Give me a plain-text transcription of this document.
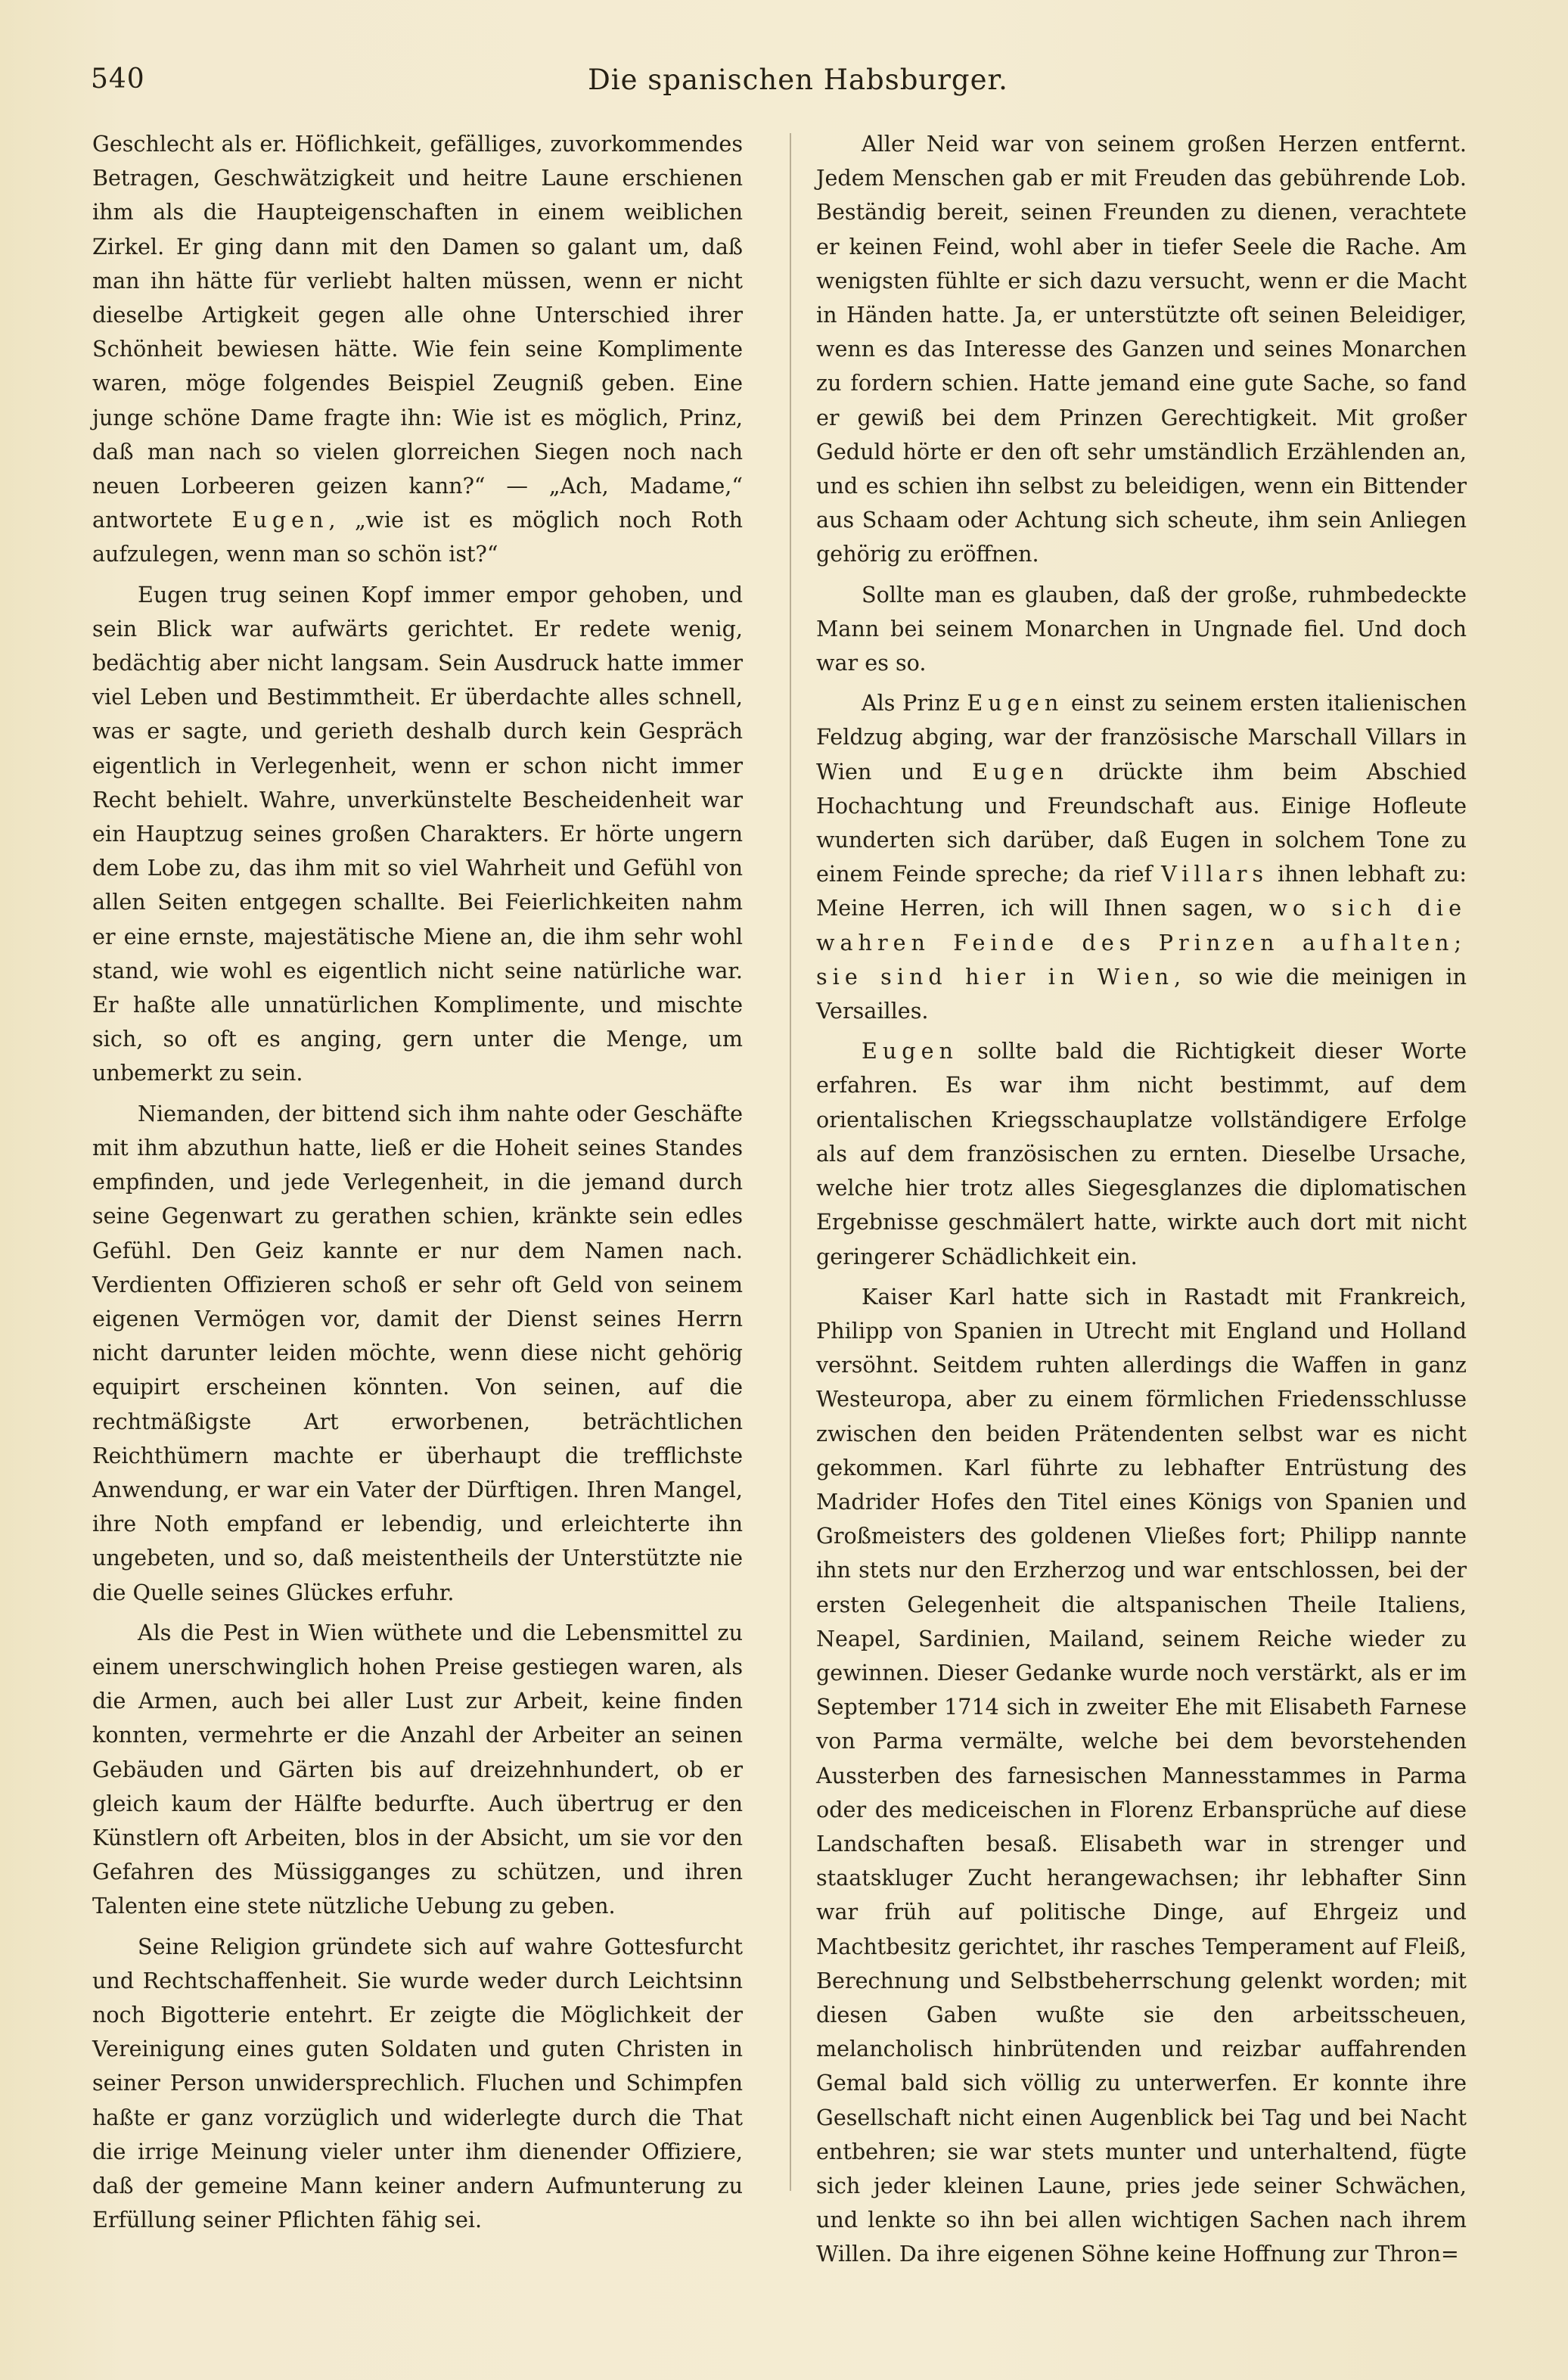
540	Die spanischen Habsburger.

Geschlecht als er. Höflichkeit, gefälliges, zuvorkommendes Betragen, Geschwätzigkeit und heitre Laune erschienen ihm als die Haupteigenschaften in einem weiblichen Zirkel. Er ging dann mit den Damen so galant um, daß man ihn hätte für verliebt halten müssen, wenn er nicht dieselbe Artigkeit gegen alle ohne Unterschied ihrer Schönheit bewiesen hätte. Wie fein seine Komplimente waren, möge folgendes Beispiel Zeugniß geben. Eine junge schöne Dame fragte ihn: Wie ist es möglich, Prinz, daß man nach so vielen glorreichen Siegen noch nach neuen Lorbeeren geizen kann?“ — „Ach, Madame,“ antwortete Eugen, „wie ist es möglich noch Roth aufzulegen, wenn man so schön ist?“

Eugen trug seinen Kopf immer empor gehoben, und sein Blick war aufwärts gerichtet. Er redete wenig, bedächtig aber nicht langsam. Sein Ausdruck hatte immer viel Leben und Bestimmtheit. Er überdachte alles schnell, was er sagte, und gerieth deshalb durch kein Gespräch eigentlich in Verlegenheit, wenn er schon nicht immer Recht behielt. Wahre, unverkünstelte Bescheidenheit war ein Hauptzug seines großen Charakters. Er hörte ungern dem Lobe zu, das ihm mit so viel Wahrheit und Gefühl von allen Seiten entgegen schallte. Bei Feierlichkeiten nahm er eine ernste, majestätische Miene an, die ihm sehr wohl stand, wie wohl es eigentlich nicht seine natürliche war. Er haßte alle unnatürlichen Komplimente, und mischte sich, so oft es anging, gern unter die Menge, um unbemerkt zu sein.

Niemanden, der bittend sich ihm nahte oder Geschäfte mit ihm abzuthun hatte, ließ er die Hoheit seines Standes empfinden, und jede Verlegenheit, in die jemand durch seine Gegenwart zu gerathen schien, kränkte sein edles Gefühl. Den Geiz kannte er nur dem Namen nach. Verdienten Offizieren schoß er sehr oft Geld von seinem eigenen Vermögen vor, damit der Dienst seines Herrn nicht darunter leiden möchte, wenn diese nicht gehörig equipirt erscheinen könnten. Von seinen, auf die rechtmäßigste Art erworbenen, beträchtlichen Reichthümern machte er überhaupt die trefflichste Anwendung, er war ein Vater der Dürftigen. Ihren Mangel, ihre Noth empfand er lebendig, und erleichterte ihn ungebeten, und so, daß meistentheils der Unterstützte nie die Quelle seines Glückes erfuhr.

Als die Pest in Wien wüthete und die Lebensmittel zu einem unerschwinglich hohen Preise gestiegen waren, als die Armen, auch bei aller Lust zur Arbeit, keine finden konnten, vermehrte er die Anzahl der Arbeiter an seinen Gebäuden und Gärten bis auf dreizehnhundert, ob er gleich kaum der Hälfte bedurfte. Auch übertrug er den Künstlern oft Arbeiten, blos in der Absicht, um sie vor den Gefahren des Müssigganges zu schützen, und ihren Talenten eine stete nützliche Uebung zu geben.

Seine Religion gründete sich auf wahre Gottesfurcht und Rechtschaffenheit. Sie wurde weder durch Leichtsinn noch Bigotterie entehrt. Er zeigte die Möglichkeit der Vereinigung eines guten Soldaten und guten Christen in seiner Person unwidersprechlich. Fluchen und Schimpfen haßte er ganz vorzüglich und widerlegte durch die That die irrige Meinung vieler unter ihm dienender Offiziere, daß der gemeine Mann keiner andern Aufmunterung zu Erfüllung seiner Pflichten fähig sei.

Aller Neid war von seinem großen Herzen entfernt. Jedem Menschen gab er mit Freuden das gebührende Lob. Beständig bereit, seinen Freunden zu dienen, verachtete er keinen Feind, wohl aber in tiefer Seele die Rache. Am wenigsten fühlte er sich dazu versucht, wenn er die Macht in Händen hatte. Ja, er unterstützte oft seinen Beleidiger, wenn es das Interesse des Ganzen und seines Monarchen zu fordern schien. Hatte jemand eine gute Sache, so fand er gewiß bei dem Prinzen Gerechtigkeit. Mit großer Geduld hörte er den oft sehr umständlich Erzählenden an, und es schien ihn selbst zu beleidigen, wenn ein Bittender aus Schaam oder Achtung sich scheute, ihm sein Anliegen gehörig zu eröffnen.

Sollte man es glauben, daß der große, ruhmbedeckte Mann bei seinem Monarchen in Ungnade fiel. Und doch war es so.

Als Prinz Eugen einst zu seinem ersten italienischen Feldzug abging, war der französische Marschall Villars in Wien und Eugen drückte ihm beim Abschied Hochachtung und Freundschaft aus. Einige Hofleute wunderten sich darüber, daß Eugen in solchem Tone zu einem Feinde spreche; da rief Villars ihnen lebhaft zu: Meine Herren, ich will Ihnen sagen, wo sich die wahren Feinde des Prinzen aufhalten; sie sind hier in Wien, so wie die meinigen in Versailles.

Eugen sollte bald die Richtigkeit dieser Worte erfahren. Es war ihm nicht bestimmt, auf dem orientalischen Kriegsschauplatze vollständigere Erfolge als auf dem französischen zu ernten. Dieselbe Ursache, welche hier trotz alles Siegesglanzes die diplomatischen Ergebnisse geschmälert hatte, wirkte auch dort mit nicht geringerer Schädlichkeit ein.

Kaiser Karl hatte sich in Rastadt mit Frankreich, Philipp von Spanien in Utrecht mit England und Holland versöhnt. Seitdem ruhten allerdings die Waffen in ganz Westeuropa, aber zu einem förmlichen Friedensschlusse zwischen den beiden Prätendenten selbst war es nicht gekommen. Karl führte zu lebhafter Entrüstung des Madrider Hofes den Titel eines Königs von Spanien und Großmeisters des goldenen Vließes fort; Philipp nannte ihn stets nur den Erzherzog und war entschlossen, bei der ersten Gelegenheit die altspanischen Theile Italiens, Neapel, Sardinien, Mailand, seinem Reiche wieder zu gewinnen. Dieser Gedanke wurde noch verstärkt, als er im September 1714 sich in zweiter Ehe mit Elisabeth Farnese von Parma vermälte, welche bei dem bevorstehenden Aussterben des farnesischen Mannesstammes in Parma oder des mediceischen in Florenz Erbansprüche auf diese Landschaften besaß. Elisabeth war in strenger und staatskluger Zucht herangewachsen; ihr lebhafter Sinn war früh auf politische Dinge, auf Ehrgeiz und Machtbesitz gerichtet, ihr rasches Temperament auf Fleiß, Berechnung und Selbstbeherrschung gelenkt worden; mit diesen Gaben wußte sie den arbeitsscheuen, melancholisch hinbrütenden und reizbar auffahrenden Gemal bald sich völlig zu unterwerfen. Er konnte ihre Gesellschaft nicht einen Augenblick bei Tag und bei Nacht entbehren; sie war stets munter und unterhaltend, fügte sich jeder kleinen Laune, pries jede seiner Schwächen, und lenkte so ihn bei allen wichtigen Sachen nach ihrem Willen. Da ihre eigenen Söhne keine Hoffnung zur Thron=
